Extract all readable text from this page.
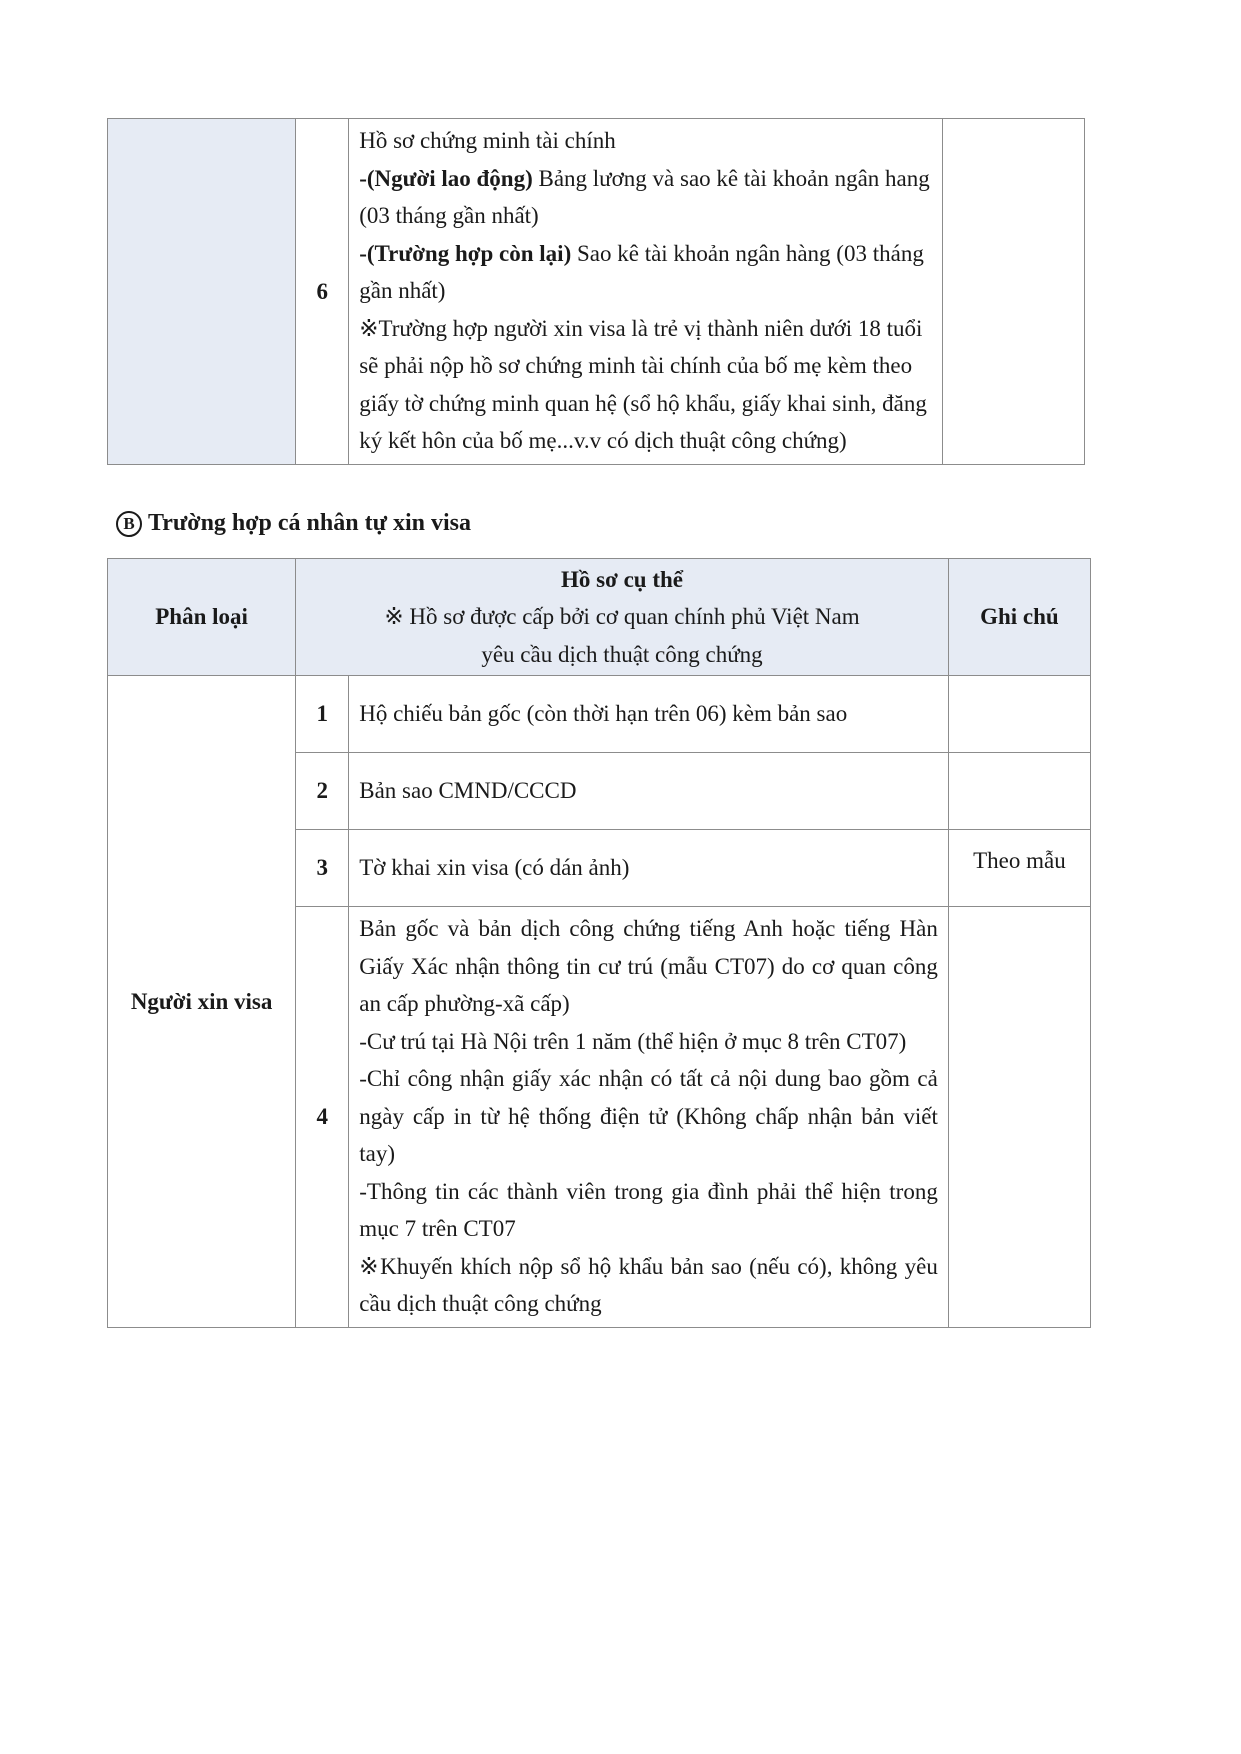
	6	
Hồ sơ chứng minh tài chính
-(Người lao động) Bảng lương và sao kê tài khoản ngân hang (03 tháng gần nhất)
-(Trường hợp còn lại) Sao kê tài khoản ngân hàng (03 tháng gần nhất)
※Trường hợp người xin visa là trẻ vị thành niên dưới 18 tuổi sẽ phải nộp hồ sơ chứng minh tài chính của bố mẹ kèm theo giấy tờ chứng minh quan hệ (sổ hộ khẩu, giấy khai sinh, đăng ký kết hôn của bố mẹ...v.v có dịch thuật công chứng)

B Trường hợp cá nhân tự xin visa
Phân loại	Hồ sơ cụ thể
※ Hồ sơ được cấp bởi cơ quan chính phủ Việt Nam
yêu cầu dịch thuật công chứng		Ghi chú
Người xin visa	1	Hộ chiếu bản gốc (còn thời hạn trên 06) kèm bản sao	
	2	Bản sao CMND/CCCD	
	3	Tờ khai xin visa (có dán ảnh)	Theo mẫu
	4	Bản gốc và bản dịch công chứng tiếng Anh hoặc tiếng Hàn Giấy Xác nhận thông tin cư trú (mẫu CT07) do cơ quan công an cấp phường-xã cấp)
-Cư trú tại Hà Nội trên 1 năm (thể hiện ở mục 8 trên CT07)
-Chỉ công nhận giấy xác nhận có tất cả nội dung bao gồm cả ngày cấp in từ hệ thống điện tử (Không chấp nhận bản viết tay)
-Thông tin các thành viên trong gia đình phải thể hiện trong mục 7 trên CT07
※Khuyến khích nộp sổ hộ khẩu bản sao (nếu có), không yêu cầu dịch thuật công chứng	
